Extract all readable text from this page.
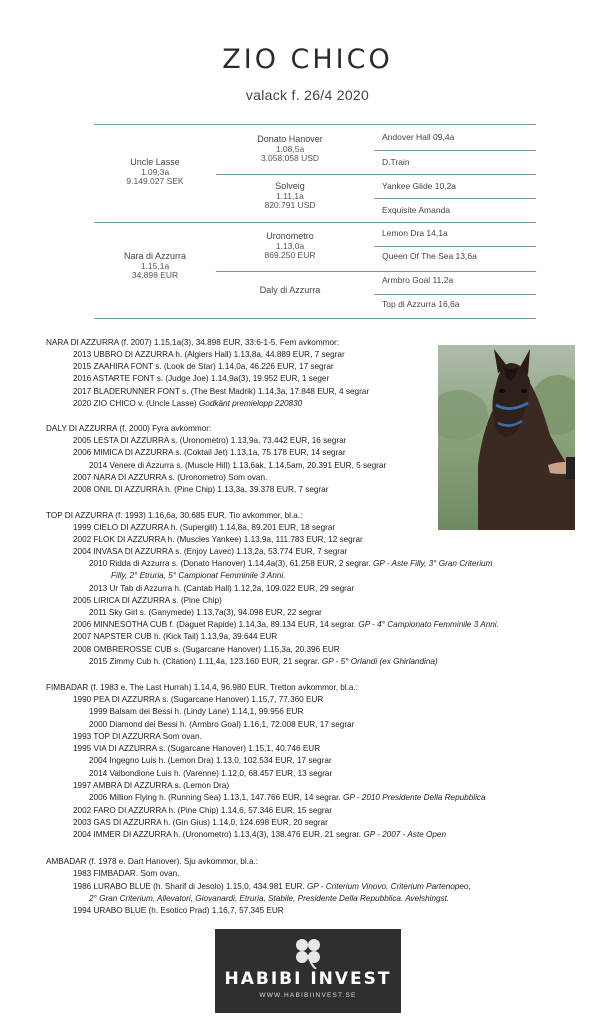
ZIO CHICO
valack f. 26/4 2020
Uncle Lasse
1.09,3a
9.149.027 SEK
Nara di Azzurra
1.15,1a
34.898 EUR
Donato Hanover
1.08,5a
3.058.058 USD
Solveig
1.11,1a
820.791 USD
Uronometro
1.13,0a
869.250 EUR
Daly di Azzurra
Andover Hall 09,4a
D.Train
Yankee Glide 10,2a
Exquisite Amanda
Lemon Dra 14,1a
Queen Of The Sea 13,6a
Armbro Goal 11,2a
Top di Azzurra 16,6a
NARA DI AZZURRA (f. 2007) 1.15,1a(3), 34.898 EUR, 33:6-1-5. Fem avkommor:
2013 UBBRO DI AZZURRA h. (Algiers Hall) 1.13,8a, 44.889 EUR, 7 segrar
2015 ZAAHIRA FONT s. (Look de Star) 1.14,0a, 46.226 EUR, 17 segrar
2016 ASTARTE FONT s. (Judge Joe) 1.14,9a(3), 19.952 EUR, 1 seger
2017 BLADERUNNER FONT s. (The Best Madrik) 1.14,3a, 17.848 EUR, 4 segrar
2020 ZIO CHICO v. (Uncle Lasse) Godkänt premielopp 220830
DALY DI AZZURRA (f. 2000) Fyra avkommor:
2005 LESTA DI AZZURRA s. (Uronometro) 1.13,9a, 73.442 EUR, 16 segrar
2006 MIMICA DI AZZURRA s. (Coktail Jet) 1.13,1a, 75.178 EUR, 14 segrar
2014 Venere di Azzurra s. (Muscle Hill) 1.13,6ak, 1.14,5am, 20.391 EUR, 5 segrar
2007 NARA DI AZZURRA s. (Uronometro) Som ovan.
2008 ONIL DI AZZURRA h. (Pine Chip) 1.13,3a, 39.378 EUR, 7 segrar
TOP DI AZZURRA (f. 1993) 1.16,6a, 30.685 EUR. Tio avkommor, bl.a.:
1999 CIELO DI AZZURRA h. (Supergill) 1.14,8a, 89.201 EUR, 18 segrar
2002 FLOK DI AZZURRA h. (Muscles Yankee) 1.13,9a, 111.783 EUR, 12 segrar
2004 INVASA DI AZZURRA s. (Enjoy Lavec) 1.13,2a, 53.774 EUR, 7 segrar
2010 Ridda di Azzurra s. (Donato Hanover) 1.14,4a(3), 61.258 EUR, 2 segrar. GP - Aste Filly, 3° Gran Criterium
Filly, 2° Etruria, 5° Campionat Femminile 3 Anni.
2013 Ur Tab di Azzurra h. (Cantab Hall) 1.12,2a, 109.022 EUR, 29 segrar
2005 LIRICA DI AZZURRA s. (Pine Chip)
2011 Sky Girl s. (Ganymede) 1.13,7a(3), 94.098 EUR, 22 segrar
2006 MINNESOTHA CUB f. (Daguet Rapide) 1.14,3a, 89.134 EUR, 14 segrar. GP - 4° Campionato Femminile 3 Anni.
2007 NAPSTER CUB h. (Kick Tail) 1.13,9a, 39.644 EUR
2008 OMBREROSSE CUB s. (Sugarcane Hanover) 1.15,3a, 20.396 EUR
2015 Zimmy Cub h. (Citation) 1.11,4a, 123.160 EUR, 21 segrar. GP - 5° Orlandi (ex Ghirlandina)
FIMBADAR (f. 1983 e. The Last Hurrah) 1.14,4, 96.980 EUR. Tretton avkommor, bl.a.:
1990 PEA DI AZZURRA s. (Sugarcane Hanover) 1.15,7, 77.360 EUR
1999 Balsam dei Bessi h. (Lindy Lane) 1.14,1, 99.956 EUR
2000 Diamond dei Bessi h. (Armbro Goal) 1.16,1, 72.008 EUR, 17 segrar
1993 TOP DI AZZURRA Som ovan.
1995 VIA DI AZZURRA s. (Sugarcane Hanover) 1.15,1, 40.746 EUR
2004 Ingegno Luis h. (Lemon Dra) 1.13,0, 102.534 EUR, 17 segrar
2014 Valbondione Luis h. (Varenne) 1.12,0, 68.457 EUR, 13 segrar
1997 AMBRA DI AZZURRA s. (Lemon Dra)
2006 Million Flying h. (Running Sea) 1.13,1, 147.766 EUR, 14 segrar. GP - 2010 Presidente Della Repubblica
2002 FARO DI AZZURRA h. (Pine Chip) 1.14,6, 57.346 EUR, 15 segrar
2003 GAS DI AZZURRA h. (Gin Gius) 1.14,0, 124.698 EUR, 20 segrar
2004 IMMER DI AZZURRA h. (Uronometro) 1.13,4(3), 138.476 EUR. 21 segrar. GP - 2007 - Aste Open
AMBADAR (f. 1978 e. Dart Hanover). Sju avkommor, bl.a.:
1983 FIMBADAR. Som ovan.
1986 LURABO BLUE (h. Sharif di Jesolo) 1.15,0, 434.981 EUR. GP - Criterium Vinovo, Criterium Partenopeo,
2° Gran Criterium, Allevatori, Giovanardi, Etruria, Stabile, Presidente Della Repubblica. Avelshingst.
1994 URABO BLUE (h. Esotico Prad) 1.16,7, 57.345 EUR
HABIBI INVEST
WWW.HABIBIINVEST.SE
